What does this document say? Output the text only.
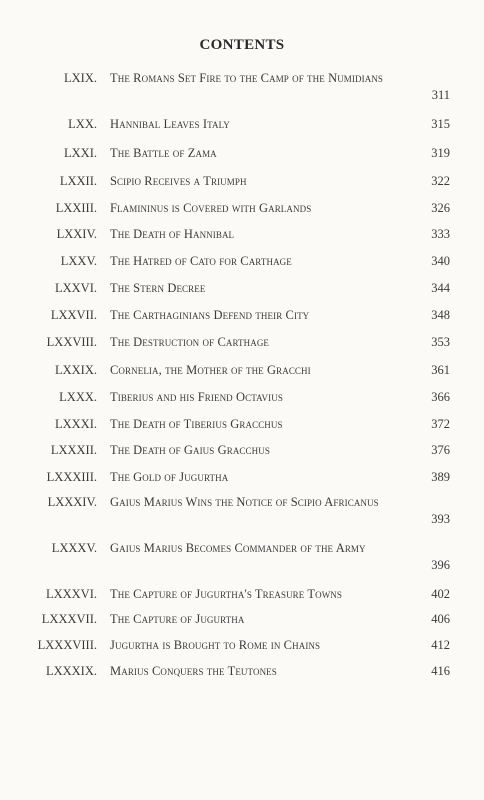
CONTENTS
LXIX. The Romans Set Fire to the Camp of the Numidians
311
LXX. Hannibal Leaves Italy	315
LXXI. The Battle of Zama	319
LXXII. Scipio Receives a Triumph	322
LXXIII. Flamininus is Covered with Garlands	326
LXXIV. The Death of Hannibal	333
LXXV. The Hatred of Cato for Carthage	340
LXXVI. The Stern Decree	344
LXXVII. The Carthaginians Defend their City	348
LXXVIII. The Destruction of Carthage	353
LXXIX. Cornelia, the Mother of the Gracchi	361
LXXX. Tiberius and his Friend Octavius	366
LXXXI. The Death of Tiberius Gracchus	372
LXXXII. The Death of Gaius Gracchus	376
LXXXIII. The Gold of Jugurtha	389
LXXXIV. Gaius Marius Wins the Notice of Scipio Africanus
393
LXXXV. Gaius Marius Becomes Commander of the Army
396
LXXXVI. The Capture of Jugurtha's Treasure Towns	402
LXXXVII. The Capture of Jugurtha	406
LXXXVIII. Jugurtha is Brought to Rome in Chains	412
LXXXIX. Marius Conquers the Teutones	416
